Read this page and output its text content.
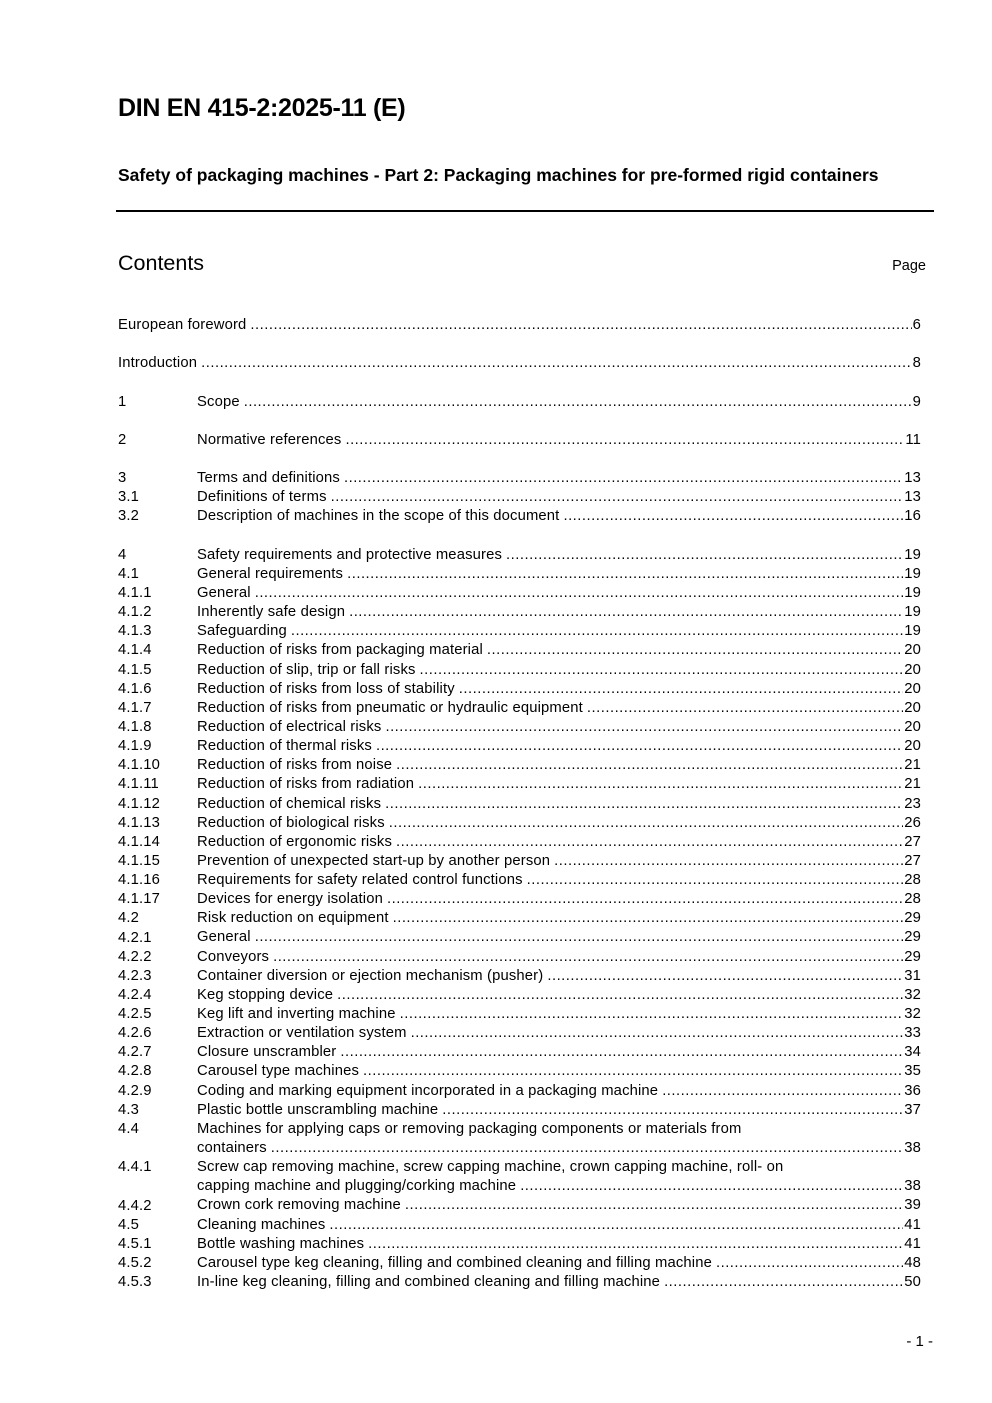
DIN EN 415-2:2025-11 (E)
Safety of packaging machines - Part 2: Packaging machines for pre-formed rigid containers
Contents	Page
European foreword .....	6
Introduction .....	8
1	Scope .....	9
2	Normative references .....	11
3	Terms and definitions .....	13
3.1	Definitions of terms .....	13
3.2	Description of machines in the scope of this document .....	16
4	Safety requirements and protective measures .....	19
4.1	General requirements .....	19
4.1.1	General .....	19
4.1.2	Inherently safe design .....	19
4.1.3	Safeguarding .....	19
4.1.4	Reduction of risks from packaging material .....	20
4.1.5	Reduction of slip, trip or fall risks .....	20
4.1.6	Reduction of risks from loss of stability .....	20
4.1.7	Reduction of risks from pneumatic or hydraulic equipment .....	20
4.1.8	Reduction of electrical risks .....	20
4.1.9	Reduction of thermal risks .....	20
4.1.10	Reduction of risks from noise .....	21
4.1.11	Reduction of risks from radiation .....	21
4.1.12	Reduction of chemical risks .....	23
4.1.13	Reduction of biological risks .....	26
4.1.14	Reduction of ergonomic risks .....	27
4.1.15	Prevention of unexpected start-up by another person .....	27
4.1.16	Requirements for safety related control functions .....	28
4.1.17	Devices for energy isolation .....	28
4.2	Risk reduction on equipment .....	29
4.2.1	General .....	29
4.2.2	Conveyors .....	29
4.2.3	Container diversion or ejection mechanism (pusher) .....	31
4.2.4	Keg stopping device .....	32
4.2.5	Keg lift and inverting machine .....	32
4.2.6	Extraction or ventilation system .....	33
4.2.7	Closure unscrambler .....	34
4.2.8	Carousel type machines .....	35
4.2.9	Coding and marking equipment incorporated in a packaging machine .....	36
4.3	Plastic bottle unscrambling machine .....	37
4.4	Machines for applying caps or removing packaging components or materials from
containers .....	38
4.4.1	Screw cap removing machine, screw capping machine, crown capping machine, roll- on
capping machine and plugging/corking machine .....	38
4.4.2	Crown cork removing machine .....	39
4.5	Cleaning machines .....	41
4.5.1	Bottle washing machines .....	41
4.5.2	Carousel type keg cleaning, filling and combined cleaning and filling machine .....	48
4.5.3	In-line keg cleaning, filling and combined cleaning and filling machine .....	50
- 1 -
